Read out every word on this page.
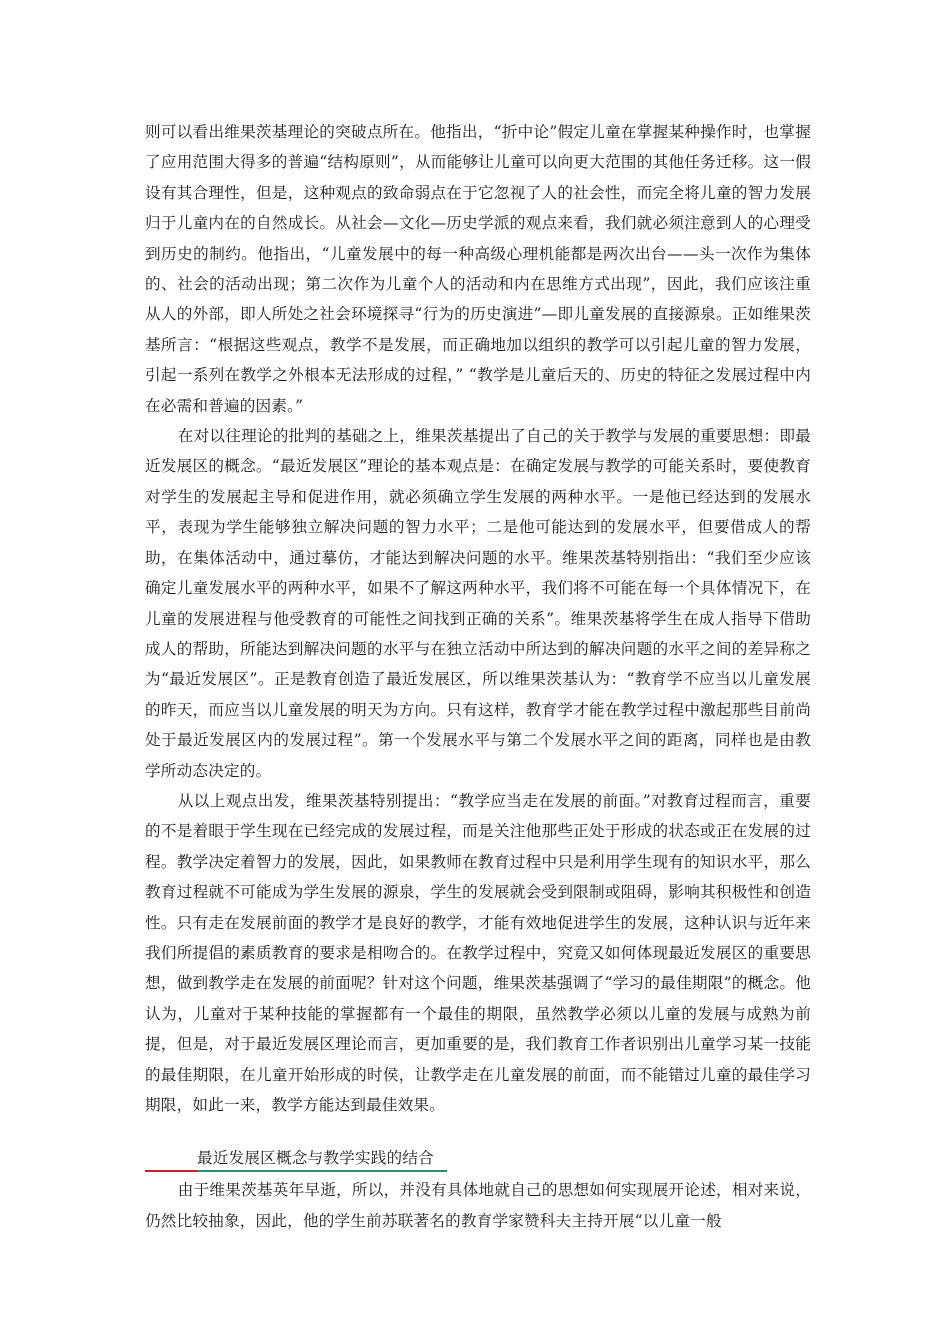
则可以看出维果茨基理论的突破点所在。他指出，“折中论”假定儿童在掌握某种操作时，也掌握了应用范围大得多的普遍“结构原则”，从而能够让儿童可以向更大范围的其他任务迁移。这一假设有其合理性，但是，这种观点的致命弱点在于它忽视了人的社会性，而完全将儿童的智力发展归于儿童内在的自然成长。从社会—文化—历史学派的观点来看，我们就必须注意到人的心理受到历史的制约。他指出，“儿童发展中的每一种高级心理机能都是两次出台——头一次作为集体的、社会的活动出现；第二次作为儿童个人的活动和内在思维方式出现”，因此，我们应该注重从人的外部，即人所处之社会环境探寻“行为的历史演进”—即儿童发展的直接源泉。正如维果茨基所言：“根据这些观点，教学不是发展，而正确地加以组织的教学可以引起儿童的智力发展，引起一系列在教学之外根本无法形成的过程，” “教学是儿童后天的、历史的特征之发展过程中内在必需和普遍的因素。”

在对以往理论的批判的基础之上，维果茨基提出了自己的关于教学与发展的重要思想：即最近发展区的概念。“最近发展区”理论的基本观点是：在确定发展与教学的可能关系时，要使教育对学生的发展起主导和促进作用，就必须确立学生发展的两种水平。一是他已经达到的发展水平，表现为学生能够独立解决问题的智力水平；二是他可能达到的发展水平，但要借成人的帮助，在集体活动中，通过摹仿，才能达到解决问题的水平。维果茨基特别指出：“我们至少应该确定儿童发展水平的两种水平，如果不了解这两种水平，我们将不可能在每一个具体情况下，在儿童的发展进程与他受教育的可能性之间找到正确的关系”。维果茨基将学生在成人指导下借助成人的帮助，所能达到解决问题的水平与在独立活动中所达到的解决问题的水平之间的差异称之为“最近发展区”。正是教育创造了最近发展区，所以维果茨基认为：“教育学不应当以儿童发展的昨天，而应当以儿童发展的明天为方向。只有这样，教育学才能在教学过程中激起那些目前尚处于最近发展区内的发展过程”。第一个发展水平与第二个发展水平之间的距离，同样也是由教学所动态决定的。

从以上观点出发，维果茨基特别提出：“教学应当走在发展的前面。”对教育过程而言，重要的不是着眼于学生现在已经完成的发展过程，而是关注他那些正处于形成的状态或正在发展的过程。教学决定着智力的发展，因此，如果教师在教育过程中只是利用学生现有的知识水平，那么教育过程就不可能成为学生发展的源泉，学生的发展就会受到限制或阻碍，影响其积极性和创造性。只有走在发展前面的教学才是良好的教学，才能有效地促进学生的发展，这种认识与近年来我们所提倡的素质教育的要求是相吻合的。在教学过程中，究竟又如何体现最近发展区的重要思想，做到教学走在发展的前面呢？针对这个问题，维果茨基强调了“学习的最佳期限”的概念。他认为，儿童对于某种技能的掌握都有一个最佳的期限，虽然教学必须以儿童的发展与成熟为前提，但是，对于最近发展区理论而言，更加重要的是，我们教育工作者识别出儿童学习某一技能的最佳期限，在儿童开始形成的时侯，让教学走在儿童发展的前面，而不能错过儿童的最佳学习期限，如此一来，教学方能达到最佳效果。

最近发展区概念与教学实践的结合

由于维果茨基英年早逝，所以，并没有具体地就自己的思想如何实现展开论述，相对来说，仍然比较抽象，因此，他的学生前苏联著名的教育学家赞科夫主持开展“以儿童一般
